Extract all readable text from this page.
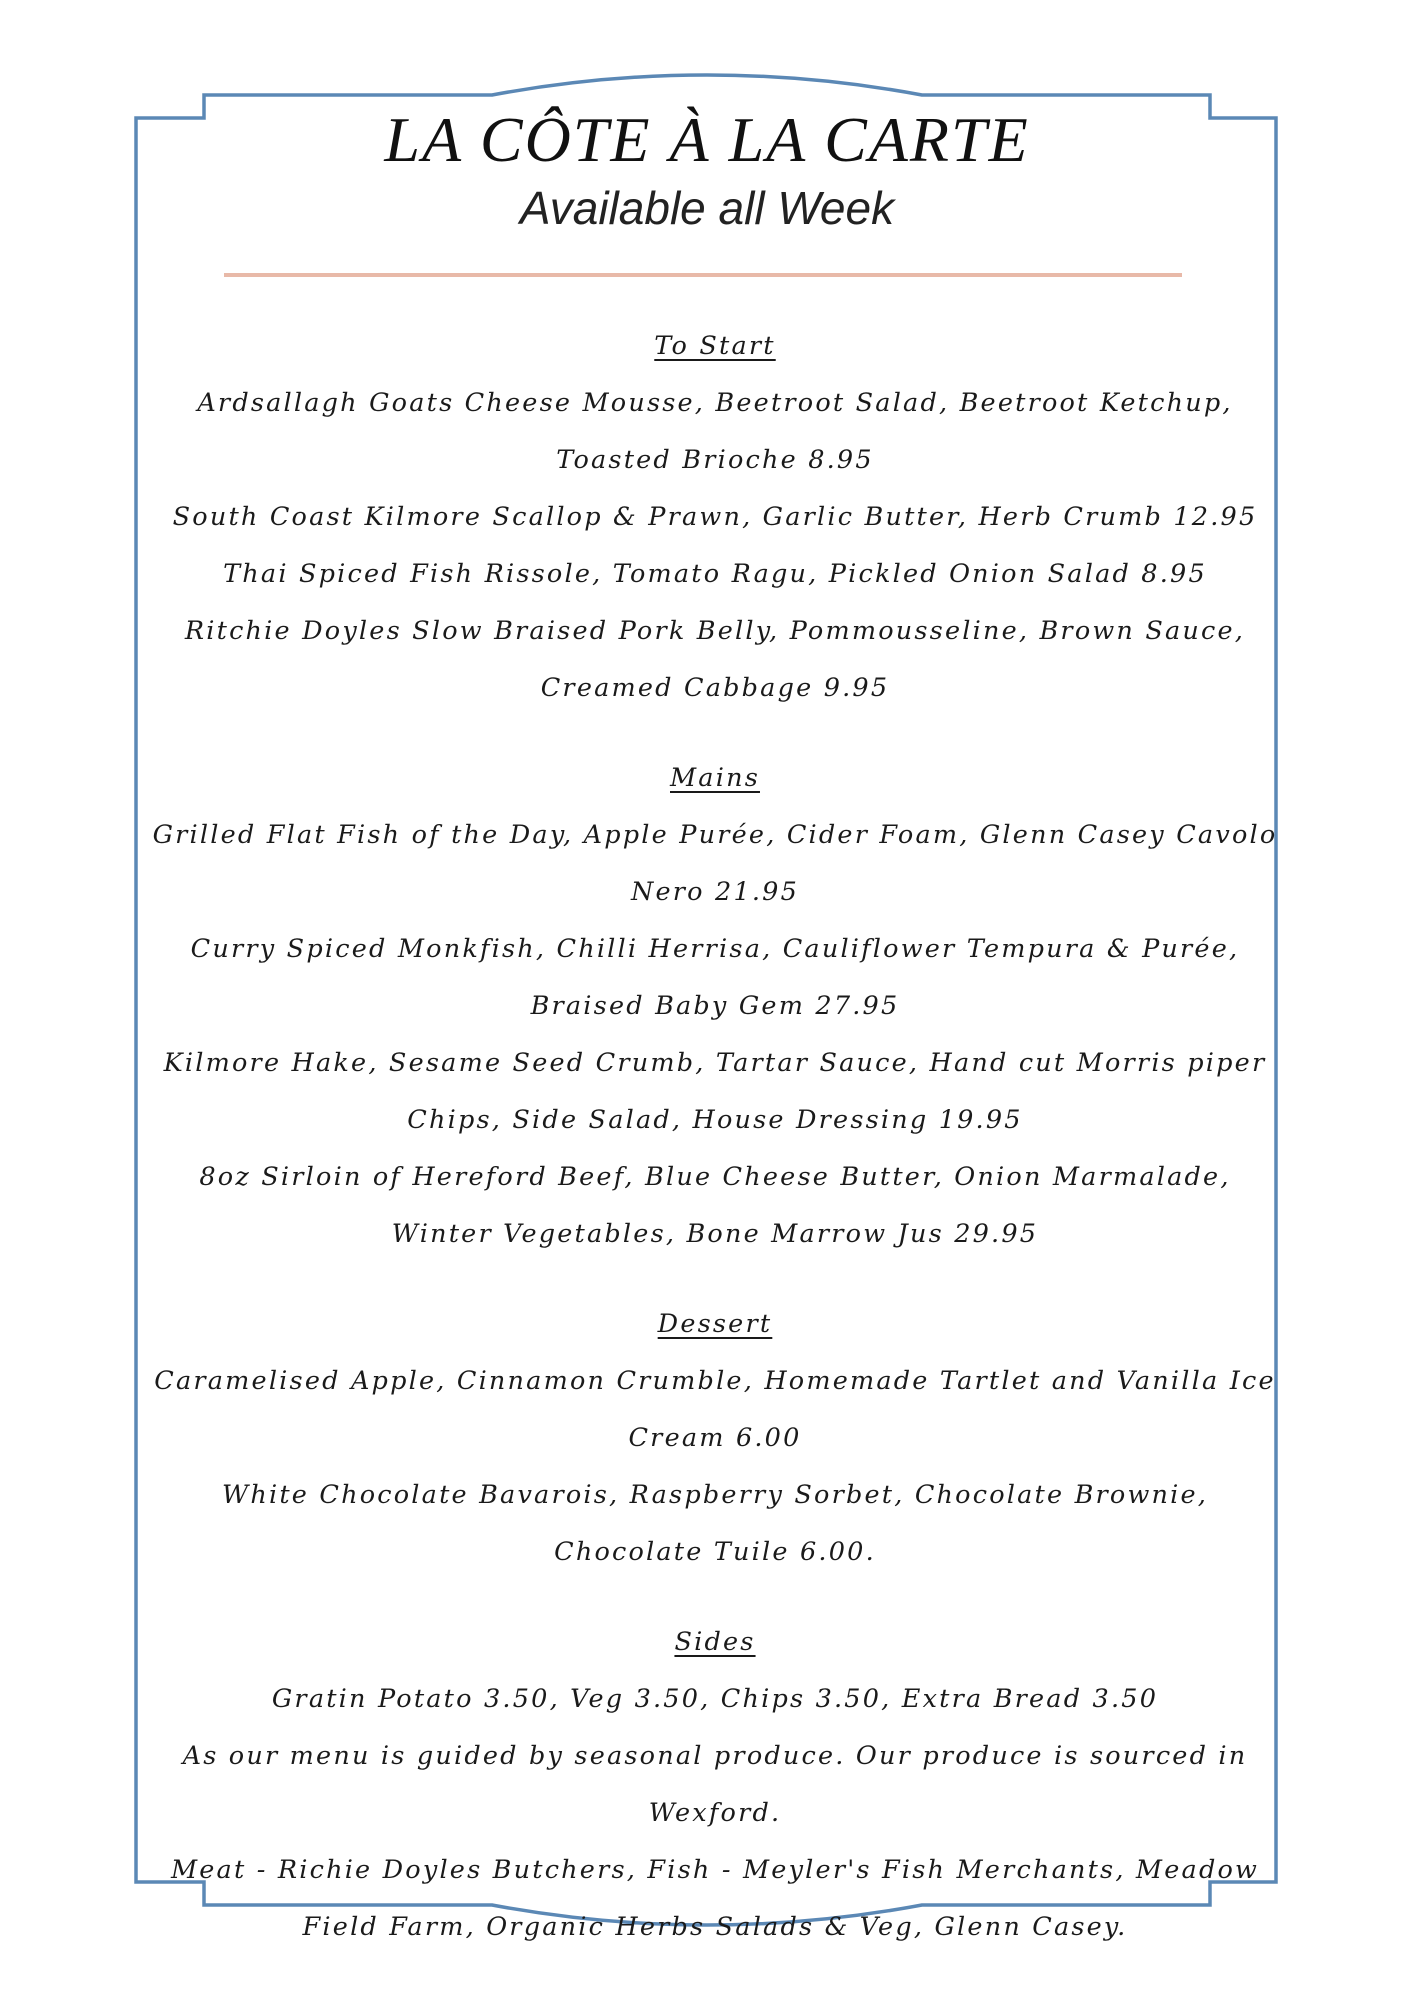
LA CÔTE À LA CARTE
Available all Week

To Start

Ardsallagh Goats Cheese Mousse, Beetroot Salad, Beetroot Ketchup, Toasted Brioche 8.95

South Coast Kilmore Scallop & Prawn, Garlic Butter, Herb Crumb 12.95

Thai Spiced Fish Rissole, Tomato Ragu, Pickled Onion Salad 8.95

Ritchie Doyles Slow Braised Pork Belly, Pommousseline, Brown Sauce, Creamed Cabbage 9.95

Mains

Grilled Flat Fish of the Day, Apple Purée, Cider Foam, Glenn Casey Cavolo Nero 21.95

Curry Spiced Monkfish, Chilli Herrisa, Cauliflower Tempura & Purée, Braised Baby Gem 27.95

Kilmore Hake, Sesame Seed Crumb, Tartar Sauce, Hand cut Morris piper Chips, Side Salad, House Dressing 19.95

8oz Sirloin of Hereford Beef, Blue Cheese Butter, Onion Marmalade, Winter Vegetables, Bone Marrow Jus 29.95

Dessert

Caramelised Apple, Cinnamon Crumble, Homemade Tartlet and Vanilla Ice Cream 6.00

White Chocolate Bavarois, Raspberry Sorbet, Chocolate Brownie, Chocolate Tuile 6.00.

Sides

Gratin Potato 3.50, Veg 3.50, Chips 3.50, Extra Bread 3.50

As our menu is guided by seasonal produce. Our produce is sourced in Wexford.

Meat - Richie Doyles Butchers, Fish - Meyler's Fish Merchants, Meadow Field Farm, Organic Herbs Salads & Veg, Glenn Casey.
